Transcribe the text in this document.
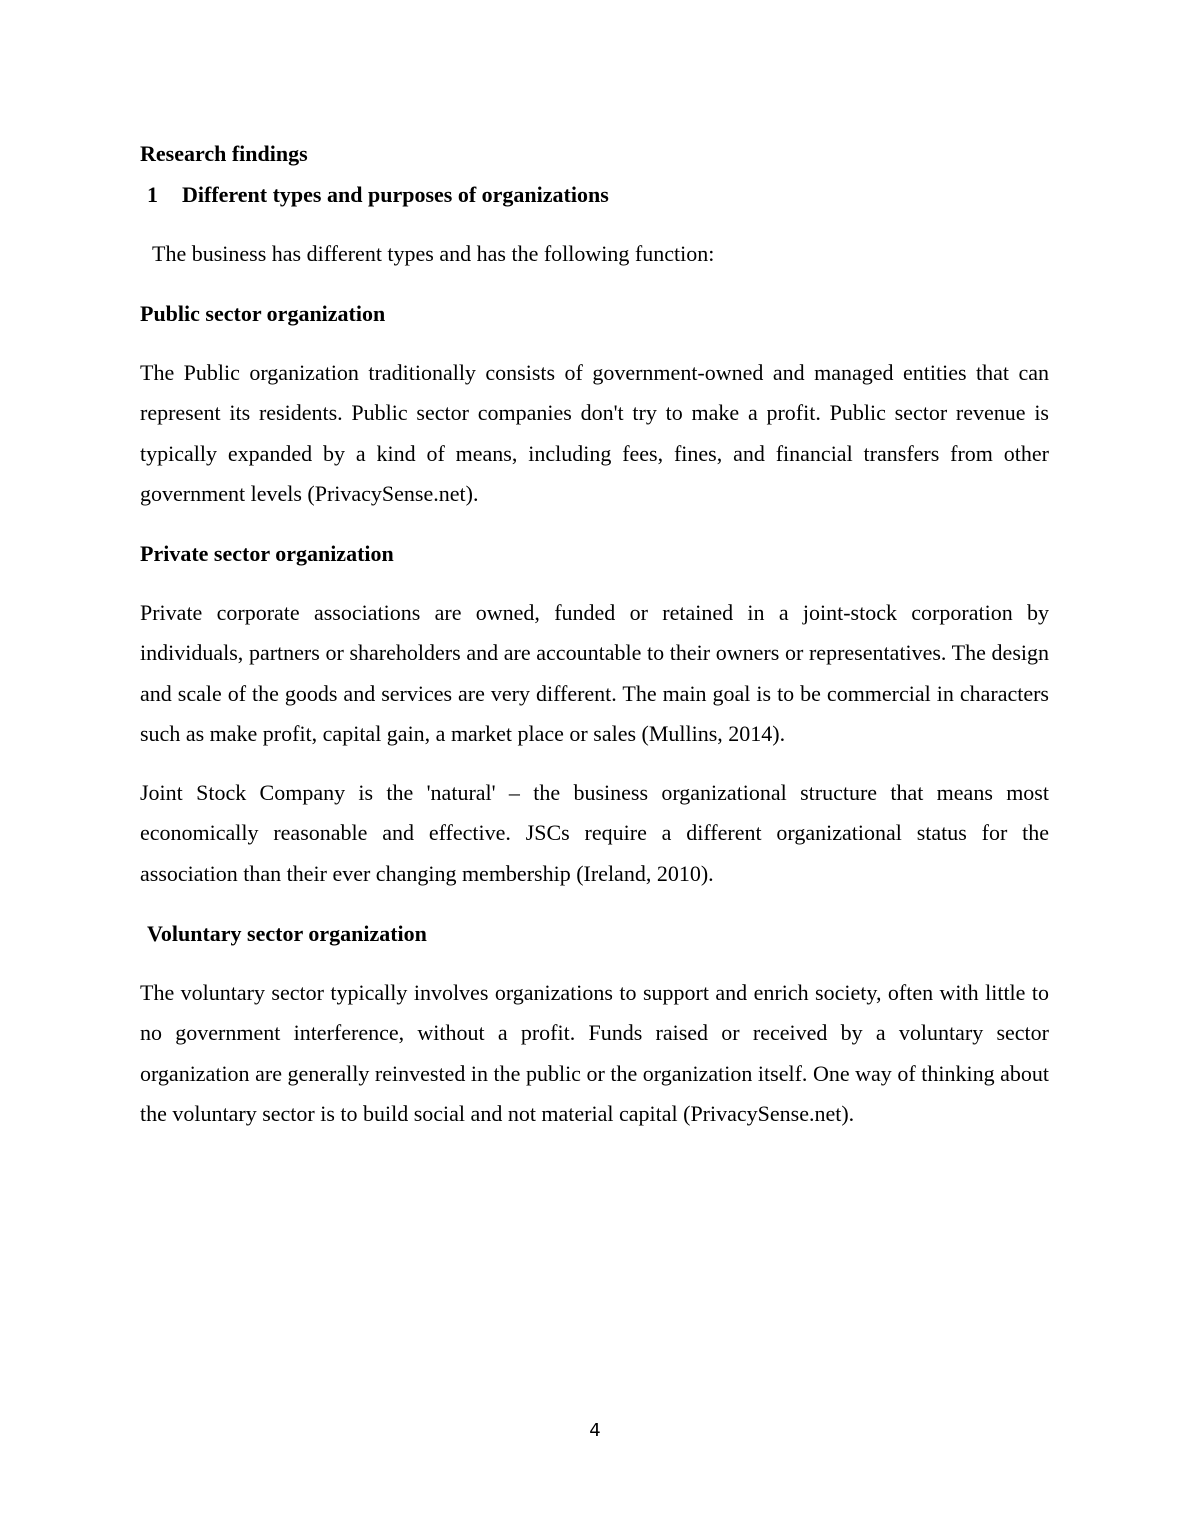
Research findings
1 Different types and purposes of organizations
The business has different types and has the following function:
Public sector organization

The Public organization traditionally consists of government-owned and managed entities that can represent its residents. Public sector companies don't try to make a profit. Public sector revenue is typically expanded by a kind of means, including fees, fines, and financial transfers from other government levels (PrivacySense.net).

Private sector organization

Private corporate associations are owned, funded or retained in a joint-stock corporation by individuals, partners or shareholders and are accountable to their owners or representatives. The design and scale of the goods and services are very different. The main goal is to be commercial in characters such as make profit, capital gain, a market place or sales (Mullins, 2014).

Joint Stock Company is the 'natural' – the business organizational structure that means most economically reasonable and effective. JSCs require a different organizational status for the association than their ever changing membership (Ireland, 2010).

Voluntary sector organization

The voluntary sector typically involves organizations to support and enrich society, often with little to no government interference, without a profit. Funds raised or received by a voluntary sector organization are generally reinvested in the public or the organization itself. One way of thinking about the voluntary sector is to build social and not material capital (PrivacySense.net).

4
